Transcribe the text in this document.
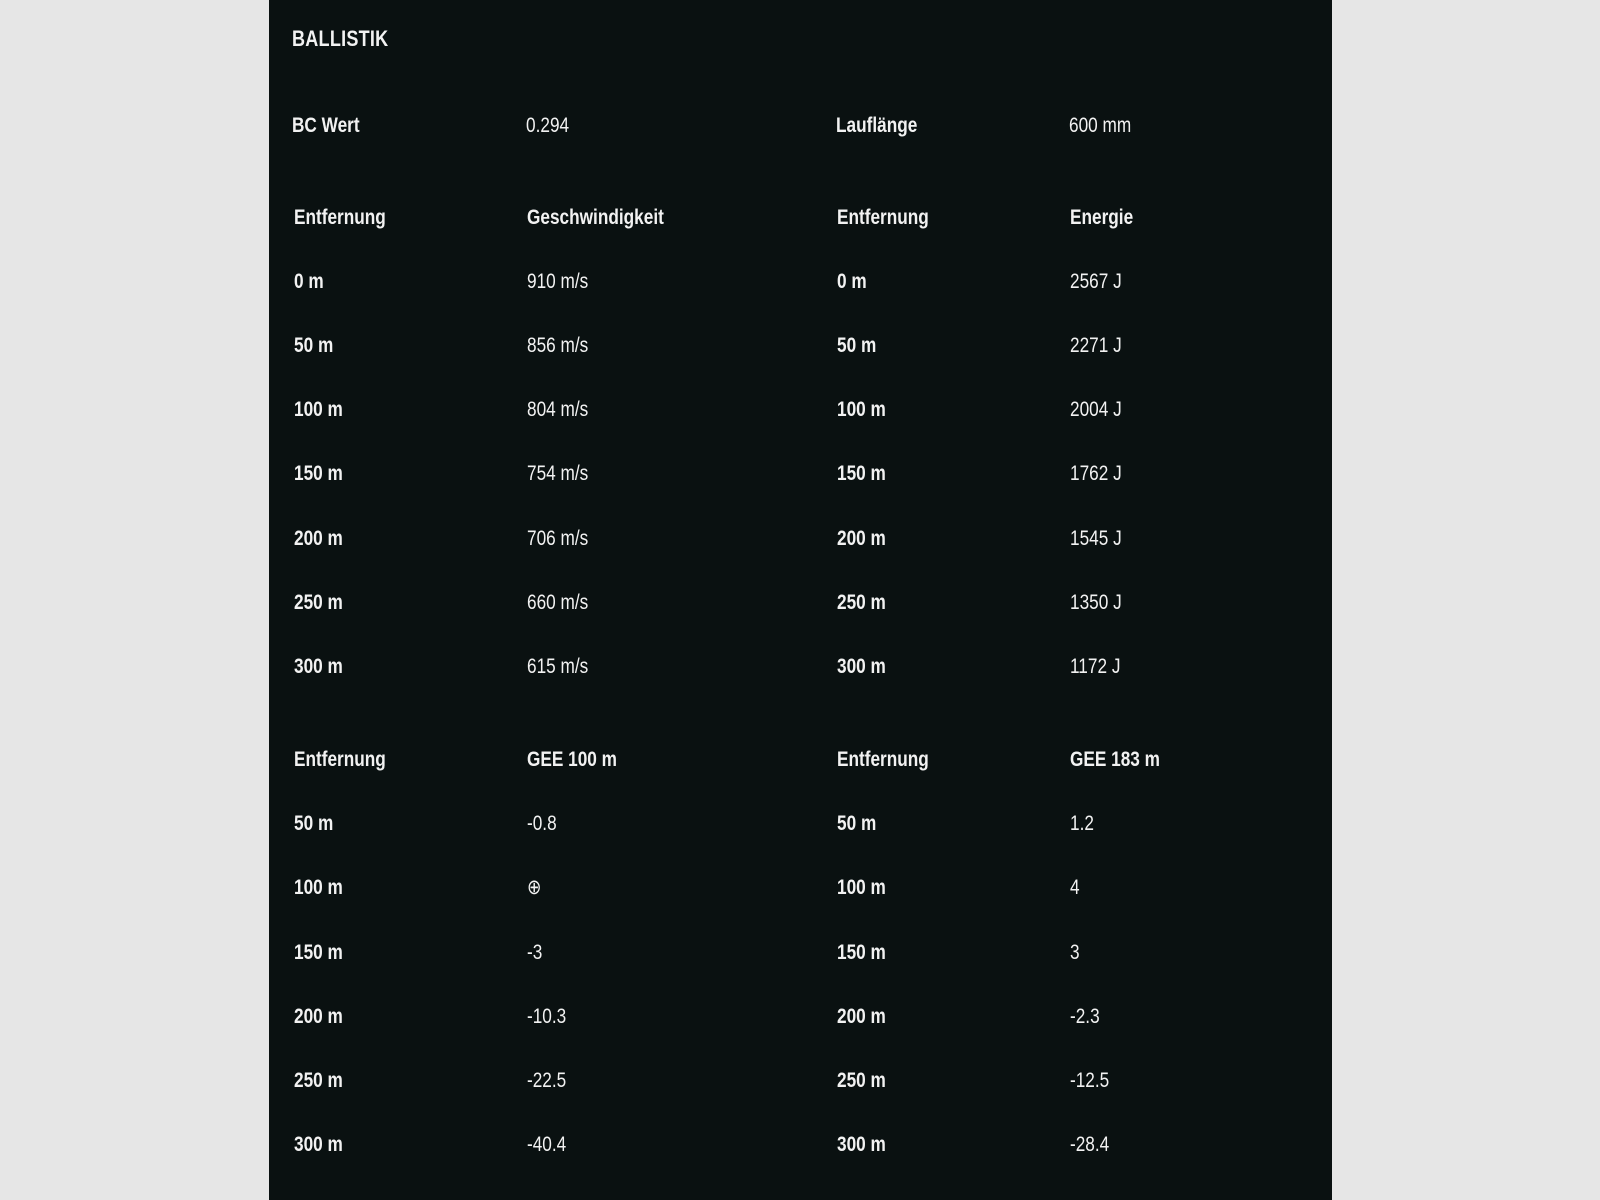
BALLISTIK
BC Wert	0.294	Lauflänge	600 mm
Entfernung	Geschwindigkeit	Entfernung	Energie
0 m	910 m/s	0 m	2567 J
50 m	856 m/s	50 m	2271 J
100 m	804 m/s	100 m	2004 J
150 m	754 m/s	150 m	1762 J
200 m	706 m/s	200 m	1545 J
250 m	660 m/s	250 m	1350 J
300 m	615 m/s	300 m	1172 J
Entfernung	GEE 100 m	Entfernung	GEE 183 m
50 m	-0.8	50 m	1.2
100 m	⊕	100 m	4
150 m	-3	150 m	3
200 m	-10.3	200 m	-2.3
250 m	-22.5	250 m	-12.5
300 m	-40.4	300 m	-28.4
